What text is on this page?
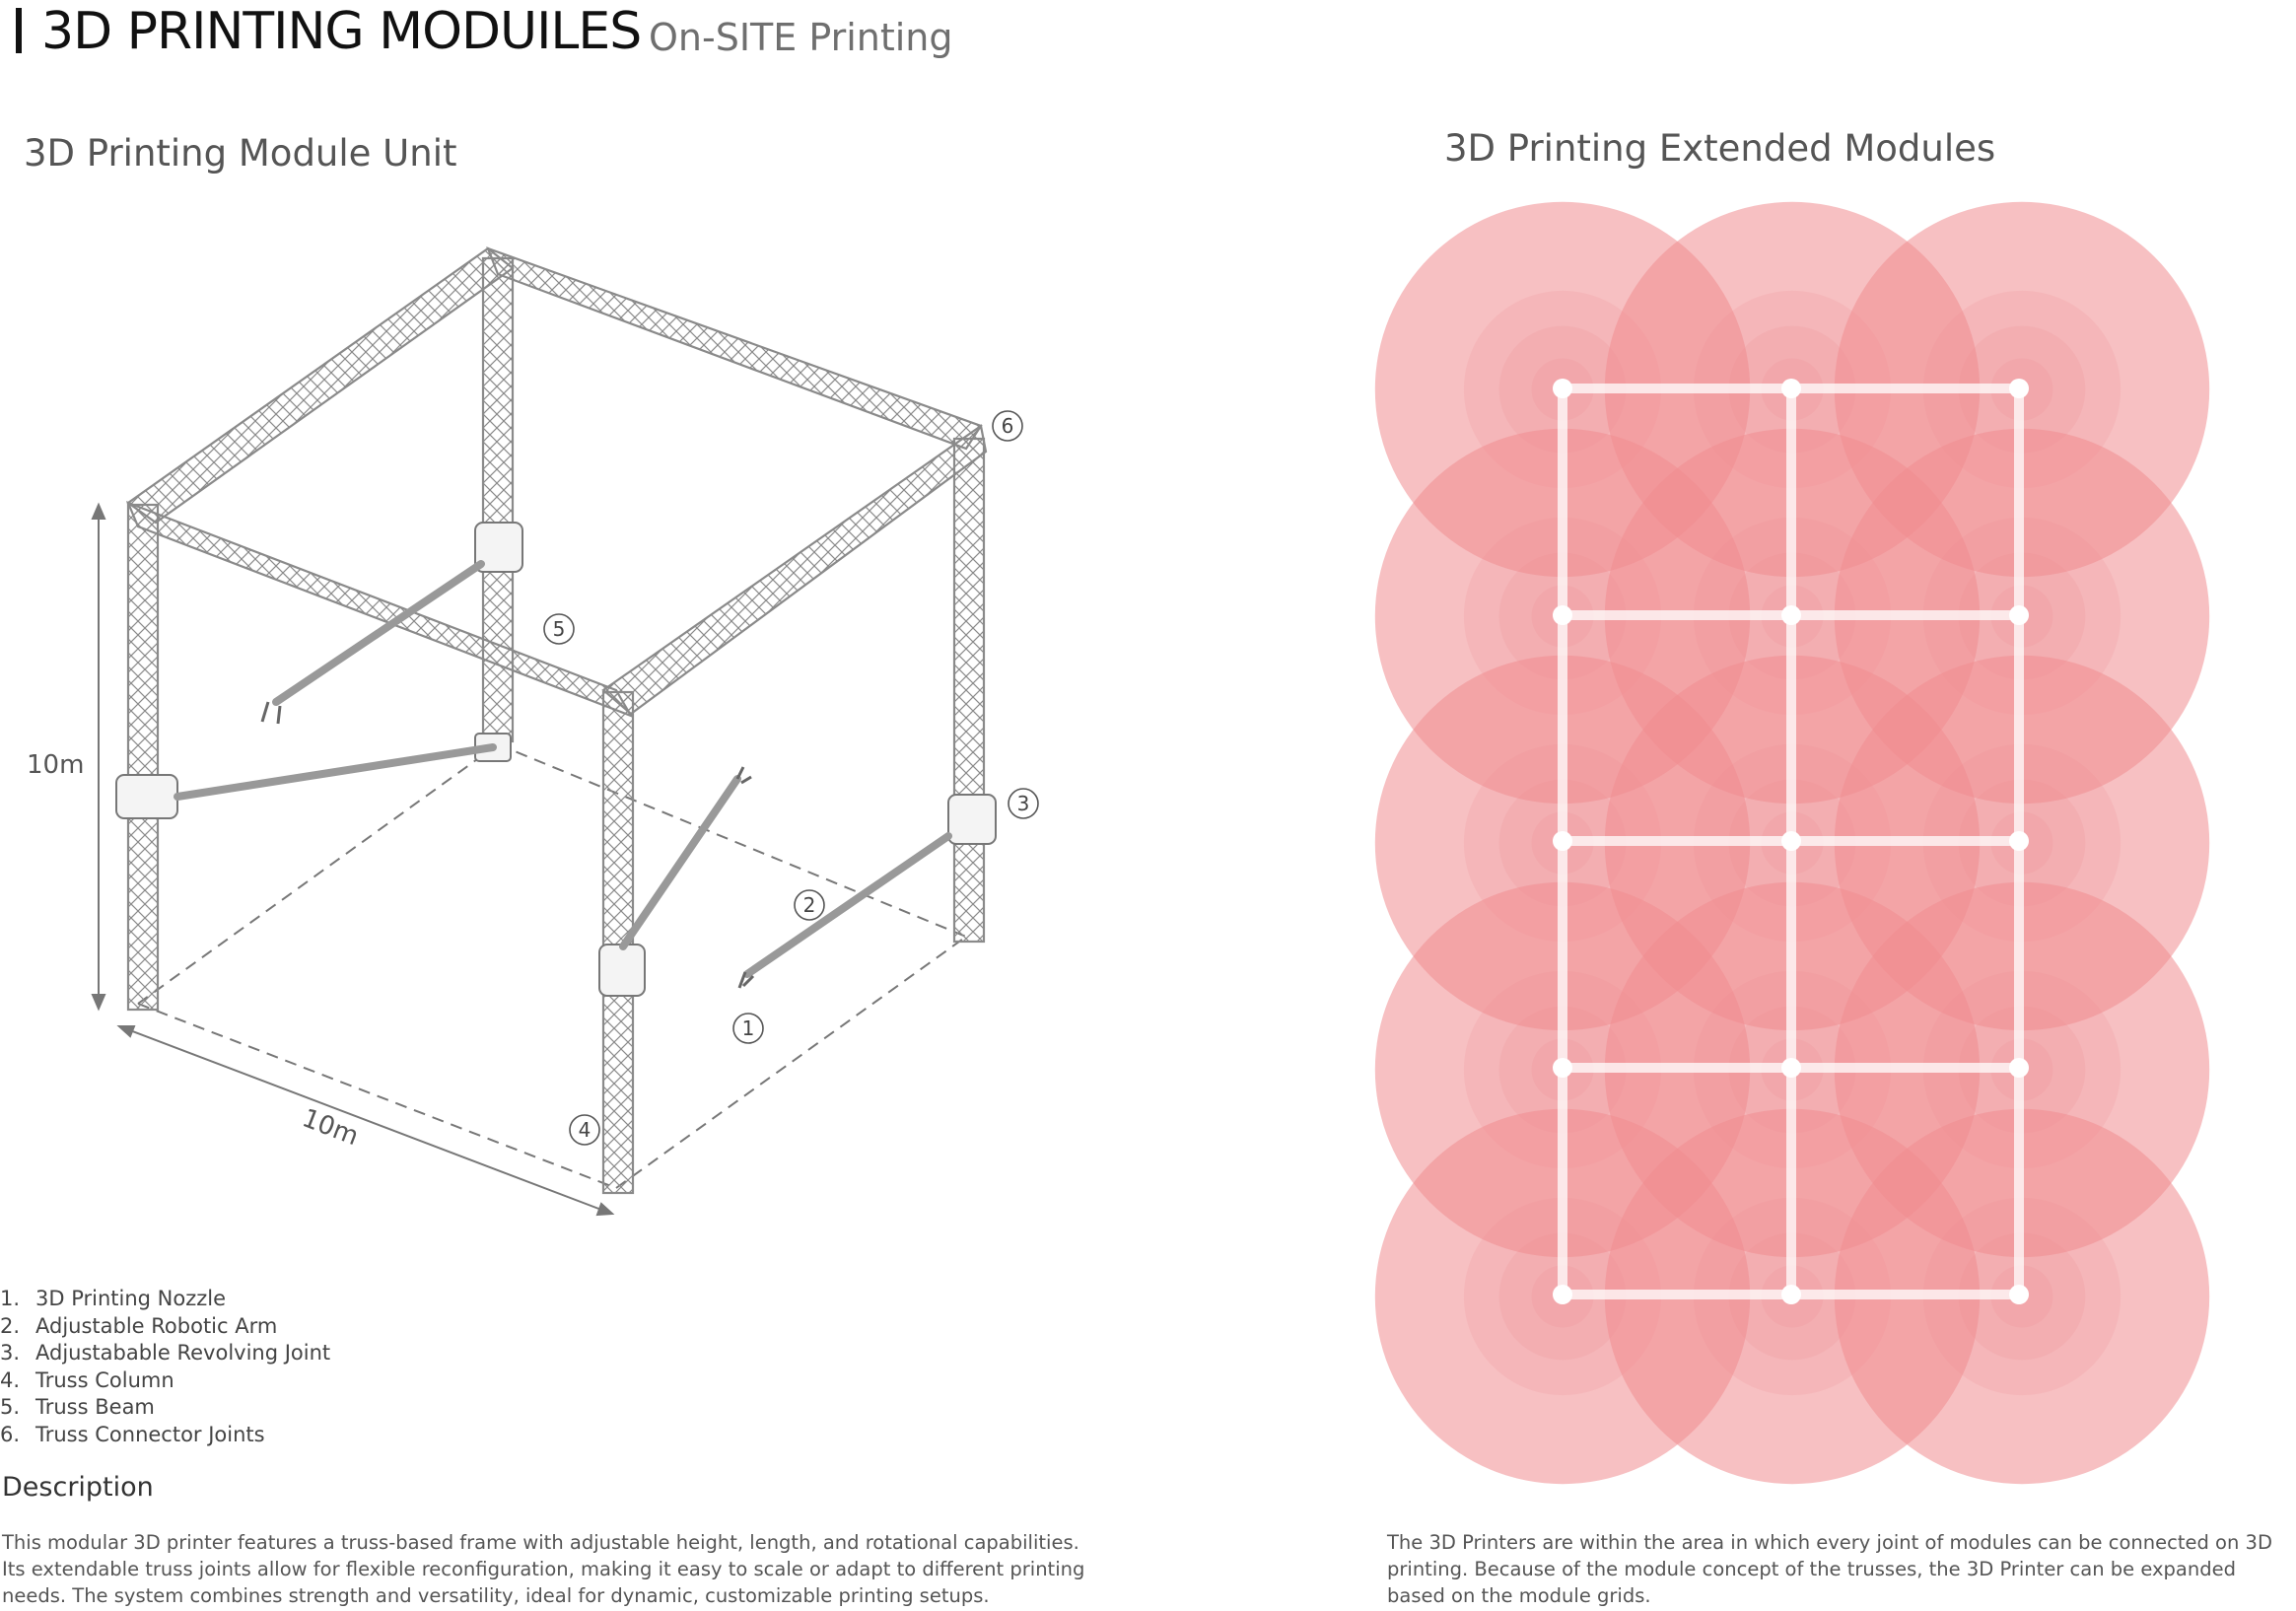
3D PRINTING MODUILES On-SITE Printing
3D Printing Module Unit	3D Printing Extended Modules
10m
10m
1
2
3
4
5
6
1. 3D Printing Nozzle
2. Adjustable Robotic Arm
3. Adjustabable Revolving Joint
4. Truss Column
5. Truss Beam
6. Truss Connector Joints
Description
This modular 3D printer features a truss-based frame with adjustable height, length, and rotational capabilities. Its extendable truss joints allow for flexible reconfiguration, making it easy to scale or adapt to different printing needs. The system combines strength and versatility, ideal for dynamic, customizable printing setups.
The 3D Printers are within the area in which every joint of modules can be connected on 3D printing. Because of the module concept of the trusses, the 3D Printer can be expanded based on the module grids.
